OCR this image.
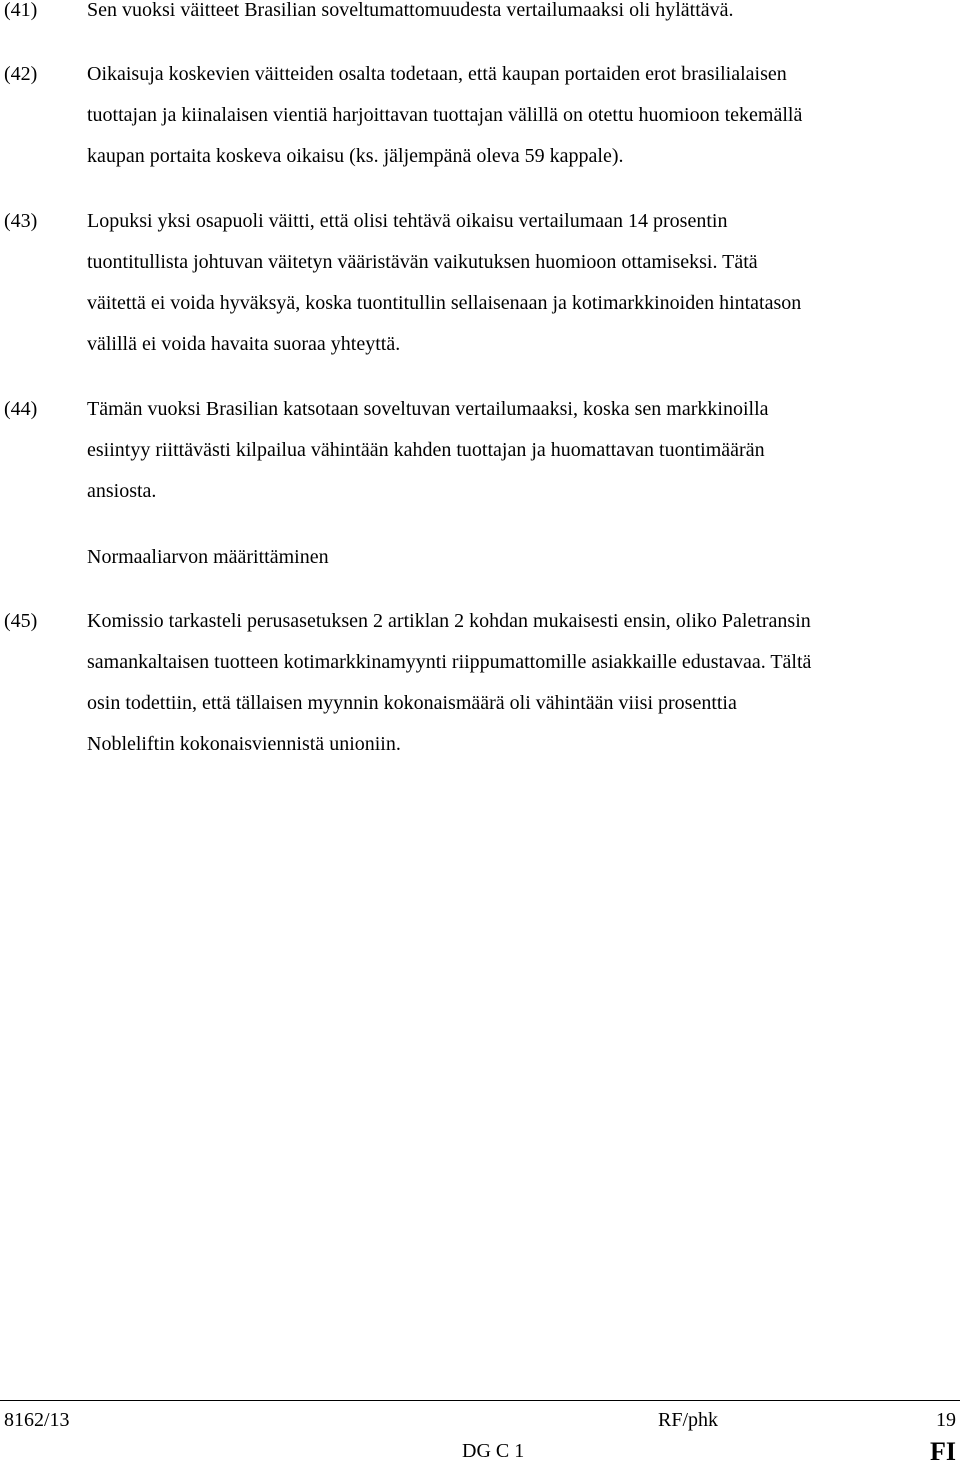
(41) Sen vuoksi väitteet Brasilian soveltumattomuudesta vertailumaaksi oli hylättävä.
(42) Oikaisuja koskevien väitteiden osalta todetaan, että kaupan portaiden erot brasilialaisen
tuottajan ja kiinalaisen vientiä harjoittavan tuottajan välillä on otettu huomioon tekemällä
kaupan portaita koskeva oikaisu (ks. jäljempänä oleva 59 kappale).
(43) Lopuksi yksi osapuoli väitti, että olisi tehtävä oikaisu vertailumaan 14 prosentin
tuontitullista johtuvan väitetyn vääristävän vaikutuksen huomioon ottamiseksi. Tätä
väitettä ei voida hyväksyä, koska tuontitullin sellaisenaan ja kotimarkkinoiden hintatason
välillä ei voida havaita suoraa yhteyttä.
(44) Tämän vuoksi Brasilian katsotaan soveltuvan vertailumaaksi, koska sen markkinoilla
esiintyy riittävästi kilpailua vähintään kahden tuottajan ja huomattavan tuontimäärän
ansiosta.
Normaaliarvon määrittäminen
(45) Komissio tarkasteli perusasetuksen 2 artiklan 2 kohdan mukaisesti ensin, oliko Paletransin
samankaltaisen tuotteen kotimarkkinamyynti riippumattomille asiakkaille edustavaa. Tältä
osin todettiin, että tällaisen myynnin kokonaismäärä oli vähintään viisi prosenttia
Nobleliftin kokonaisviennistä unioniin.
8162/13	RF/phk	19
DG C 1	FI
